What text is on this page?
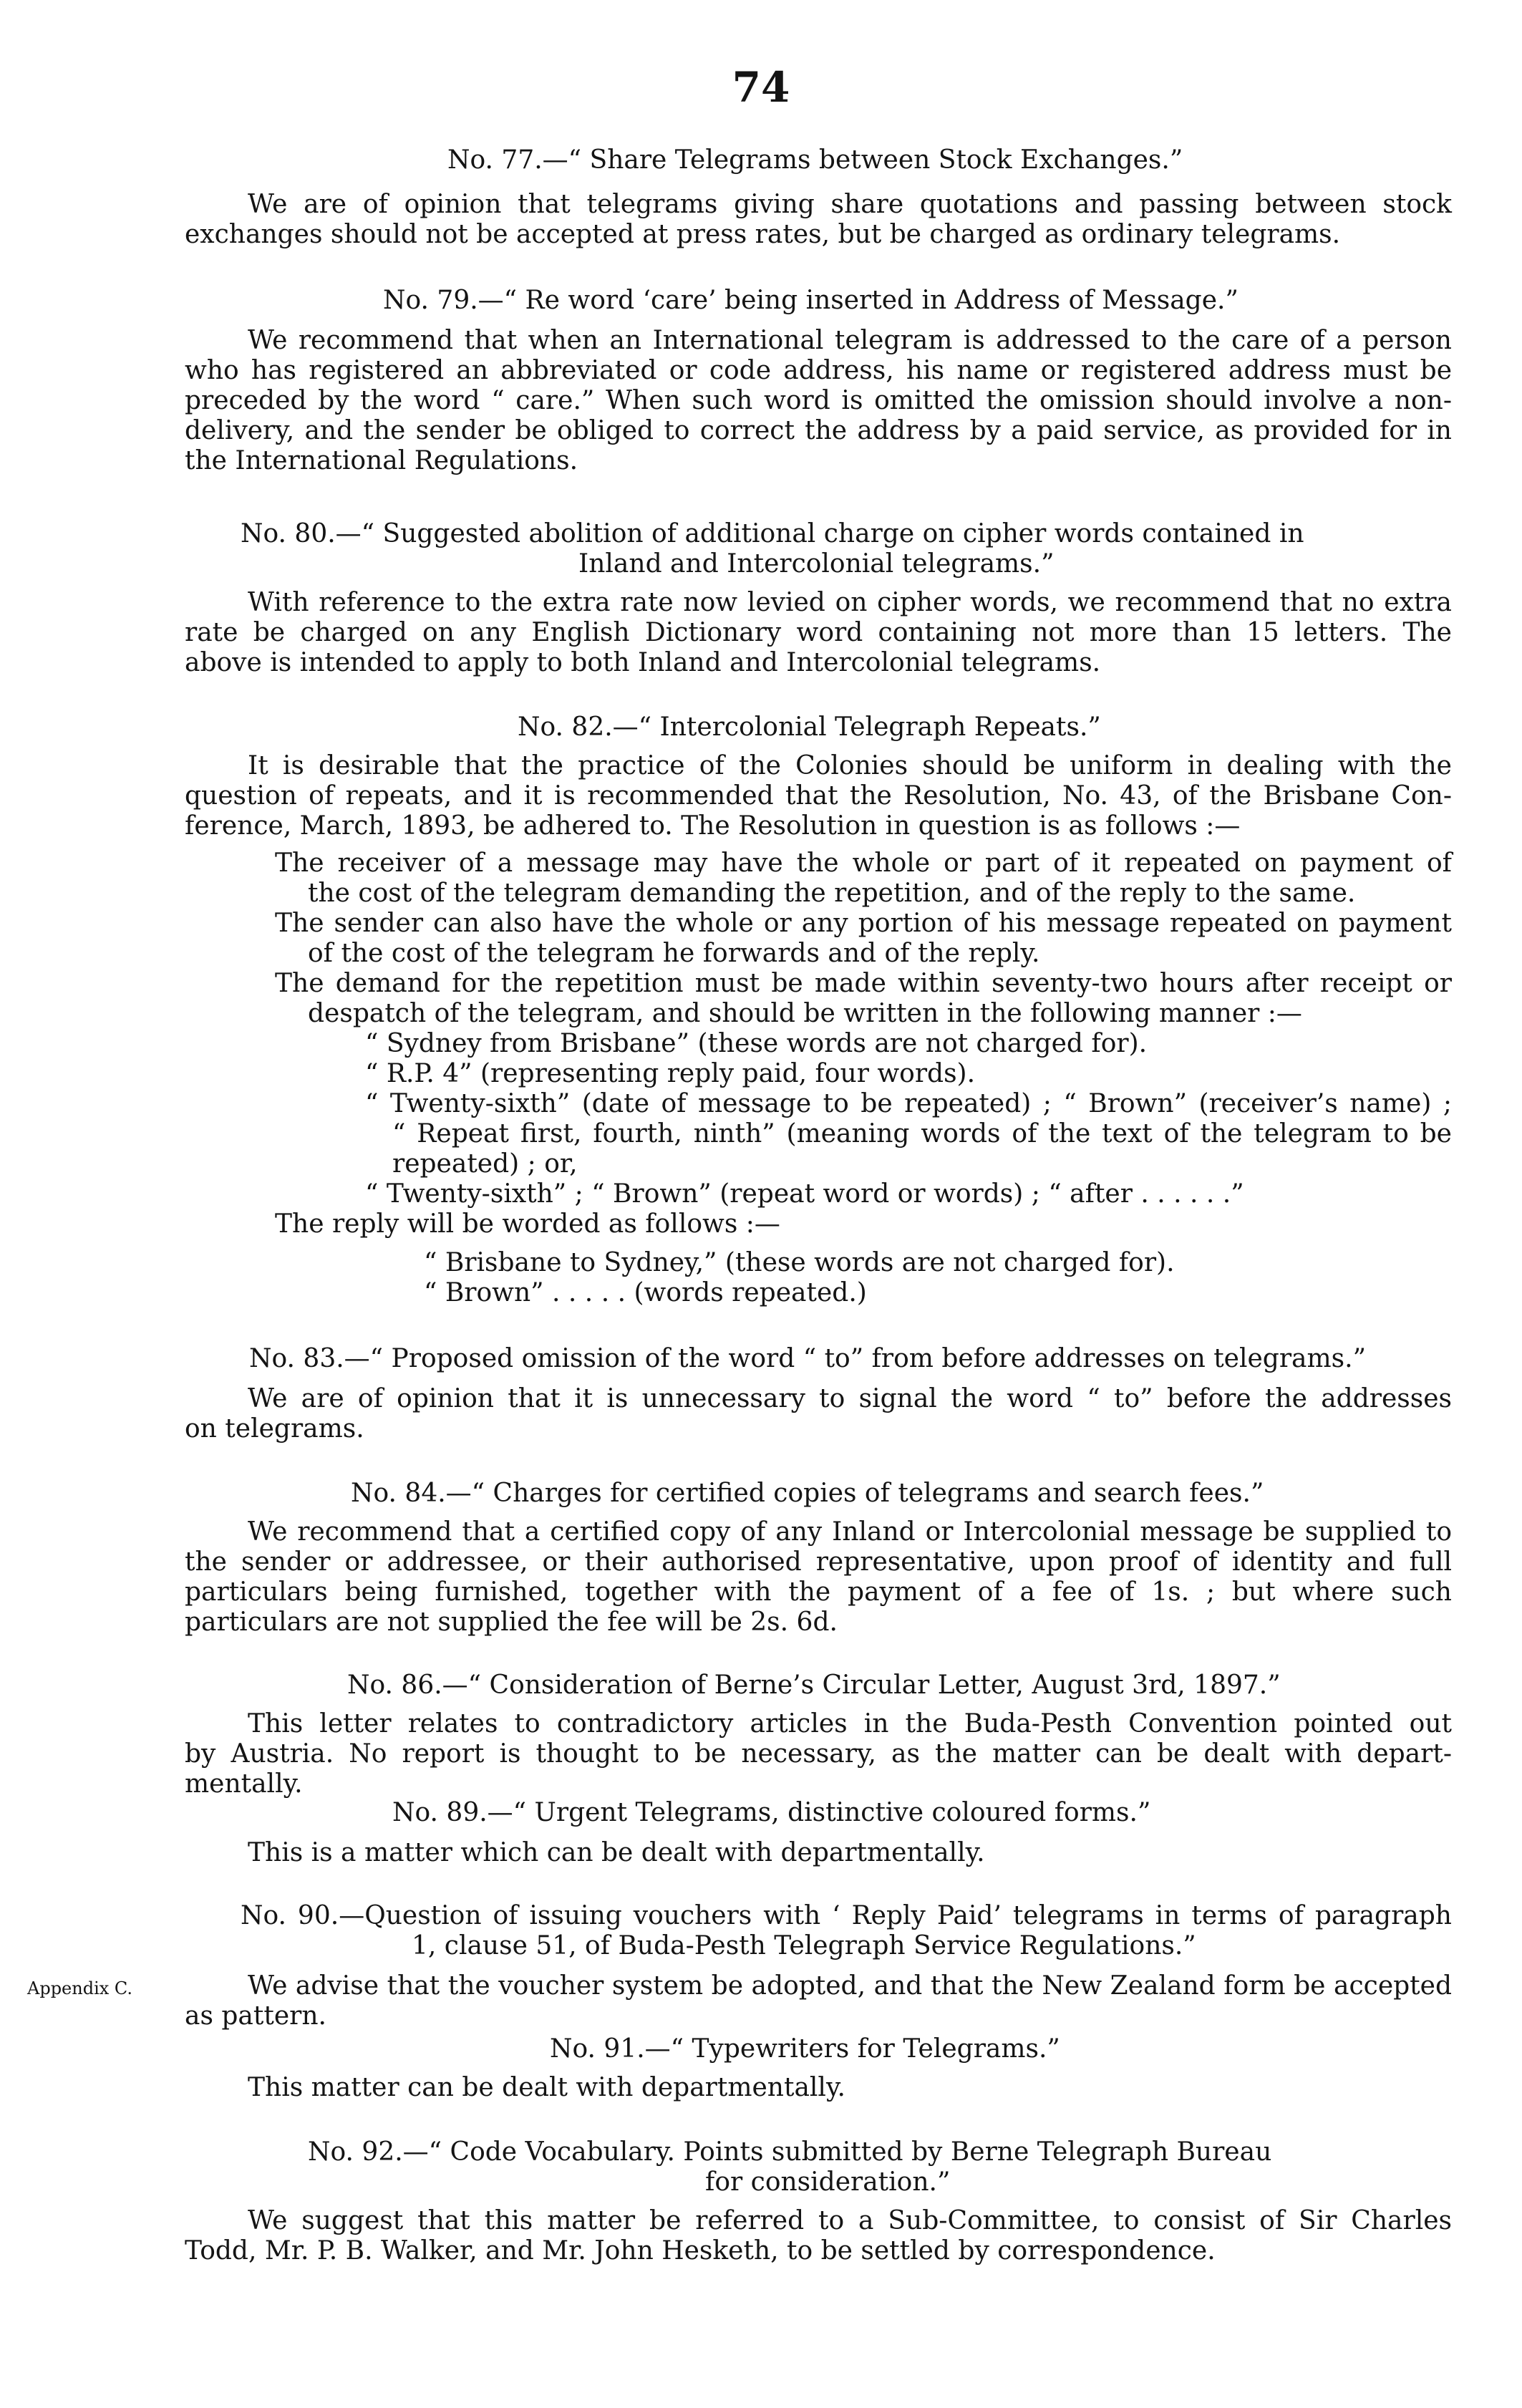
74
No. 77.—“ Share Telegrams between Stock Exchanges.”
We are of opinion that telegrams giving share quotations and passing between stock
exchanges should not be accepted at press rates, but be charged as ordinary telegrams.
No. 79.—“ Re word ‘care’ being inserted in Address of Message.”
We recommend that when an International telegram is addressed to the care of a person
who has registered an abbreviated or code address, his name or registered address must be
preceded by the word “ care.” When such word is omitted the omission should involve a non-
delivery, and the sender be obliged to correct the address by a paid service, as provided for in
the International Regulations.
No. 80.—“ Suggested abolition of additional charge on cipher words contained in
Inland and Intercolonial telegrams.”
With reference to the extra rate now levied on cipher words, we recommend that no extra
rate be charged on any English Dictionary word containing not more than 15 letters. The
above is intended to apply to both Inland and Intercolonial telegrams.
No. 82.—“ Intercolonial Telegraph Repeats.”
It is desirable that the practice of the Colonies should be uniform in dealing with the
question of repeats, and it is recommended that the Resolution, No. 43, of the Brisbane Con-
ference, March, 1893, be adhered to. The Resolution in question is as follows :—
The receiver of a message may have the whole or part of it repeated on payment of
the cost of the telegram demanding the repetition, and of the reply to the same.
The sender can also have the whole or any portion of his message repeated on payment
of the cost of the telegram he forwards and of the reply.
The demand for the repetition must be made within seventy-two hours after receipt or
despatch of the telegram, and should be written in the following manner :—
“ Sydney from Brisbane” (these words are not charged for).
“ R.P. 4” (representing reply paid, four words).
“ Twenty-sixth” (date of message to be repeated) ; “ Brown” (receiver’s name) ;
“ Repeat first, fourth, ninth” (meaning words of the text of the telegram to be
repeated) ; or,
“ Twenty-sixth” ; “ Brown” (repeat word or words) ; “ after . . . . . .”
The reply will be worded as follows :—
“ Brisbane to Sydney,” (these words are not charged for).
“ Brown” . . . . . (words repeated.)
No. 83.—“ Proposed omission of the word “ to” from before addresses on telegrams.”
We are of opinion that it is unnecessary to signal the word “ to” before the addresses
on telegrams.
No. 84.—“ Charges for certified copies of telegrams and search fees.”
We recommend that a certified copy of any Inland or Intercolonial message be supplied to
the sender or addressee, or their authorised representative, upon proof of identity and full
particulars being furnished, together with the payment of a fee of 1s. ; but where such
particulars are not supplied the fee will be 2s. 6d.
No. 86.—“ Consideration of Berne’s Circular Letter, August 3rd, 1897.”
This letter relates to contradictory articles in the Buda-Pesth Convention pointed out
by Austria. No report is thought to be necessary, as the matter can be dealt with depart-
mentally.
No. 89.—“ Urgent Telegrams, distinctive coloured forms.”
This is a matter which can be dealt with departmentally.
No. 90.—Question of issuing vouchers with ‘ Reply Paid’ telegrams in terms of paragraph
1, clause 51, of Buda-Pesth Telegraph Service Regulations.”
Appendix C.	We advise that the voucher system be adopted, and that the New Zealand form be accepted
as pattern.
No. 91.—“ Typewriters for Telegrams.”
This matter can be dealt with departmentally.
No. 92.—“ Code Vocabulary. Points submitted by Berne Telegraph Bureau
for consideration.”
We suggest that this matter be referred to a Sub-Committee, to consist of Sir Charles
Todd, Mr. P. B. Walker, and Mr. John Hesketh, to be settled by correspondence.
